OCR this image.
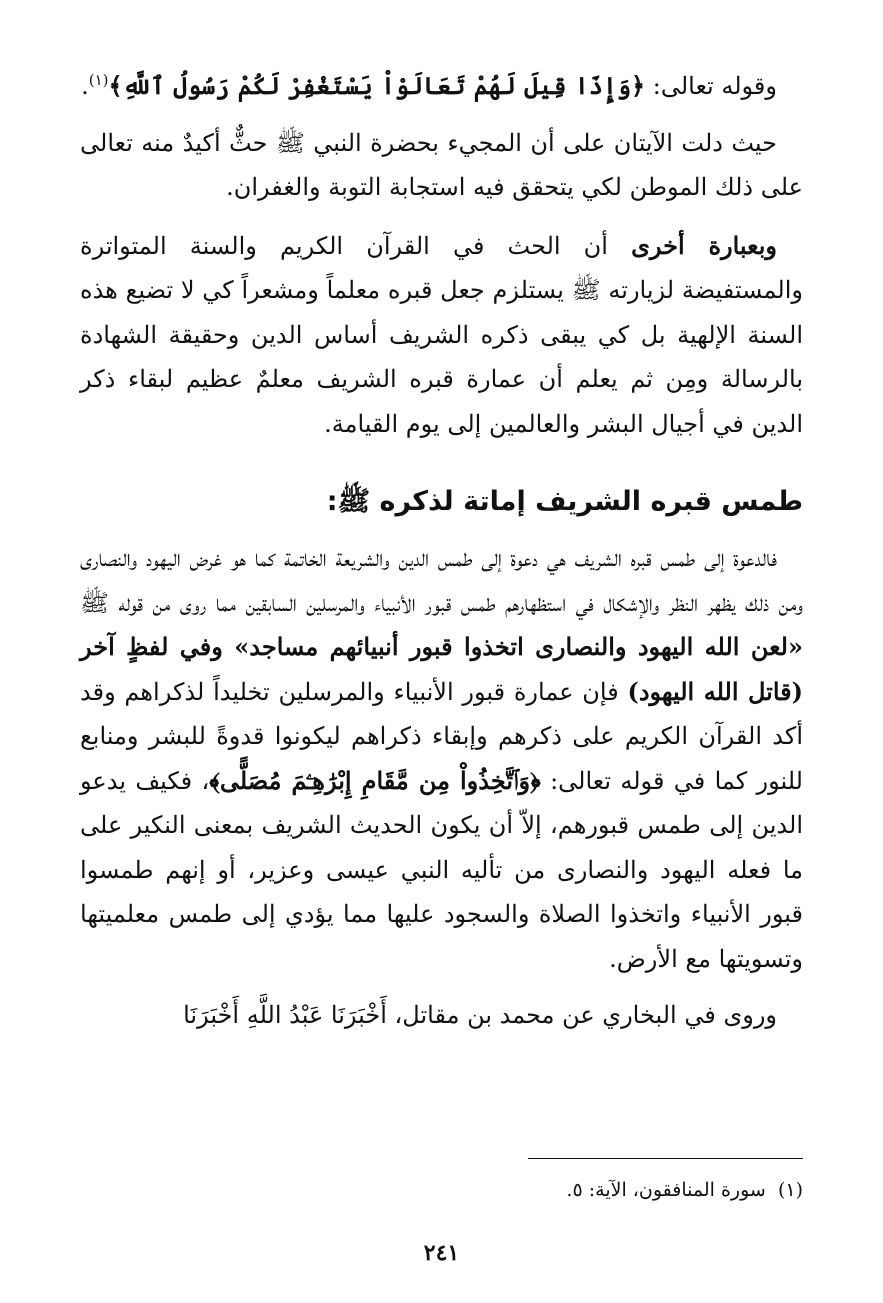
وقوله تعالى: ﴿وَإِذَا قِيلَ لَهُمْ تَعَالَوْاْ يَسْتَغْفِرْ لَكُمْ رَسُولُ ٱللَّهِ﴾$^{(١)}$.

حيث دلت الآيتان على أن المجيء بحضرة النبي ﷺ حثٌّ أكيدٌ منه تعالى على ذلك الموطن لكي يتحقق فيه استجابة التوبة والغفران.

وبعبارة أخرى أن الحث في القرآن الكريم والسنة المتواترة والمستفيضة لزيارته ﷺ يستلزم جعل قبره معلماً ومشعراً كي لا تضيع هذه السنة الإلهية بل كي يبقى ذكره الشريف أساس الدين وحقيقة الشهادة بالرسالة ومِن ثم يعلم أن عمارة قبره الشريف معلمٌ عظيم لبقاء ذكر الدين في أجيال البشر والعالمين إلى يوم القيامة.

طمس قبره الشريف إماتة لذكره ﷺ:

فالدعوة إلى طمس قبره الشريف هي دعوة إلى طمس الدين والشريعة الخاتمة كما هو غرض اليهود والنصارى ومن ذلك يظهر النظر والإشكال في استظهارهم طمس قبور الأنبياء والمرسلين السابقين مما روى من قوله ﷺ «لعن الله اليهود والنصارى اتخذوا قبور أنبيائهم مساجد» وفي لفظٍ آخر (قاتل الله اليهود) فإن عمارة قبور الأنبياء والمرسلين تخليداً لذكراهم وقد أكد القرآن الكريم على ذكرهم وإبقاء ذكراهم ليكونوا قدوةً للبشر ومنابع للنور كما في قوله تعالى: ﴿وَٱتَّخِذُواْ مِن مَّقَامِ إِبْرَٰهِـۧمَ مُصَلًّى﴾، فكيف يدعو الدين إلى طمس قبورهم، إلاّ أن يكون الحديث الشريف بمعنى النكير على ما فعله اليهود والنصارى من تأليه النبي عيسى وعزير، أو إنهم طمسوا قبور الأنبياء واتخذوا الصلاة والسجود عليها مما يؤدي إلى طمس معلميتها وتسويتها مع الأرض.

وروى في البخاري عن محمد بن مقاتل، أَخْبَرَنَا عَبْدُ اللَّهِ أَخْبَرَنَا

(١)  سورة المنافقون، الآية: ٥.
٢٤١
